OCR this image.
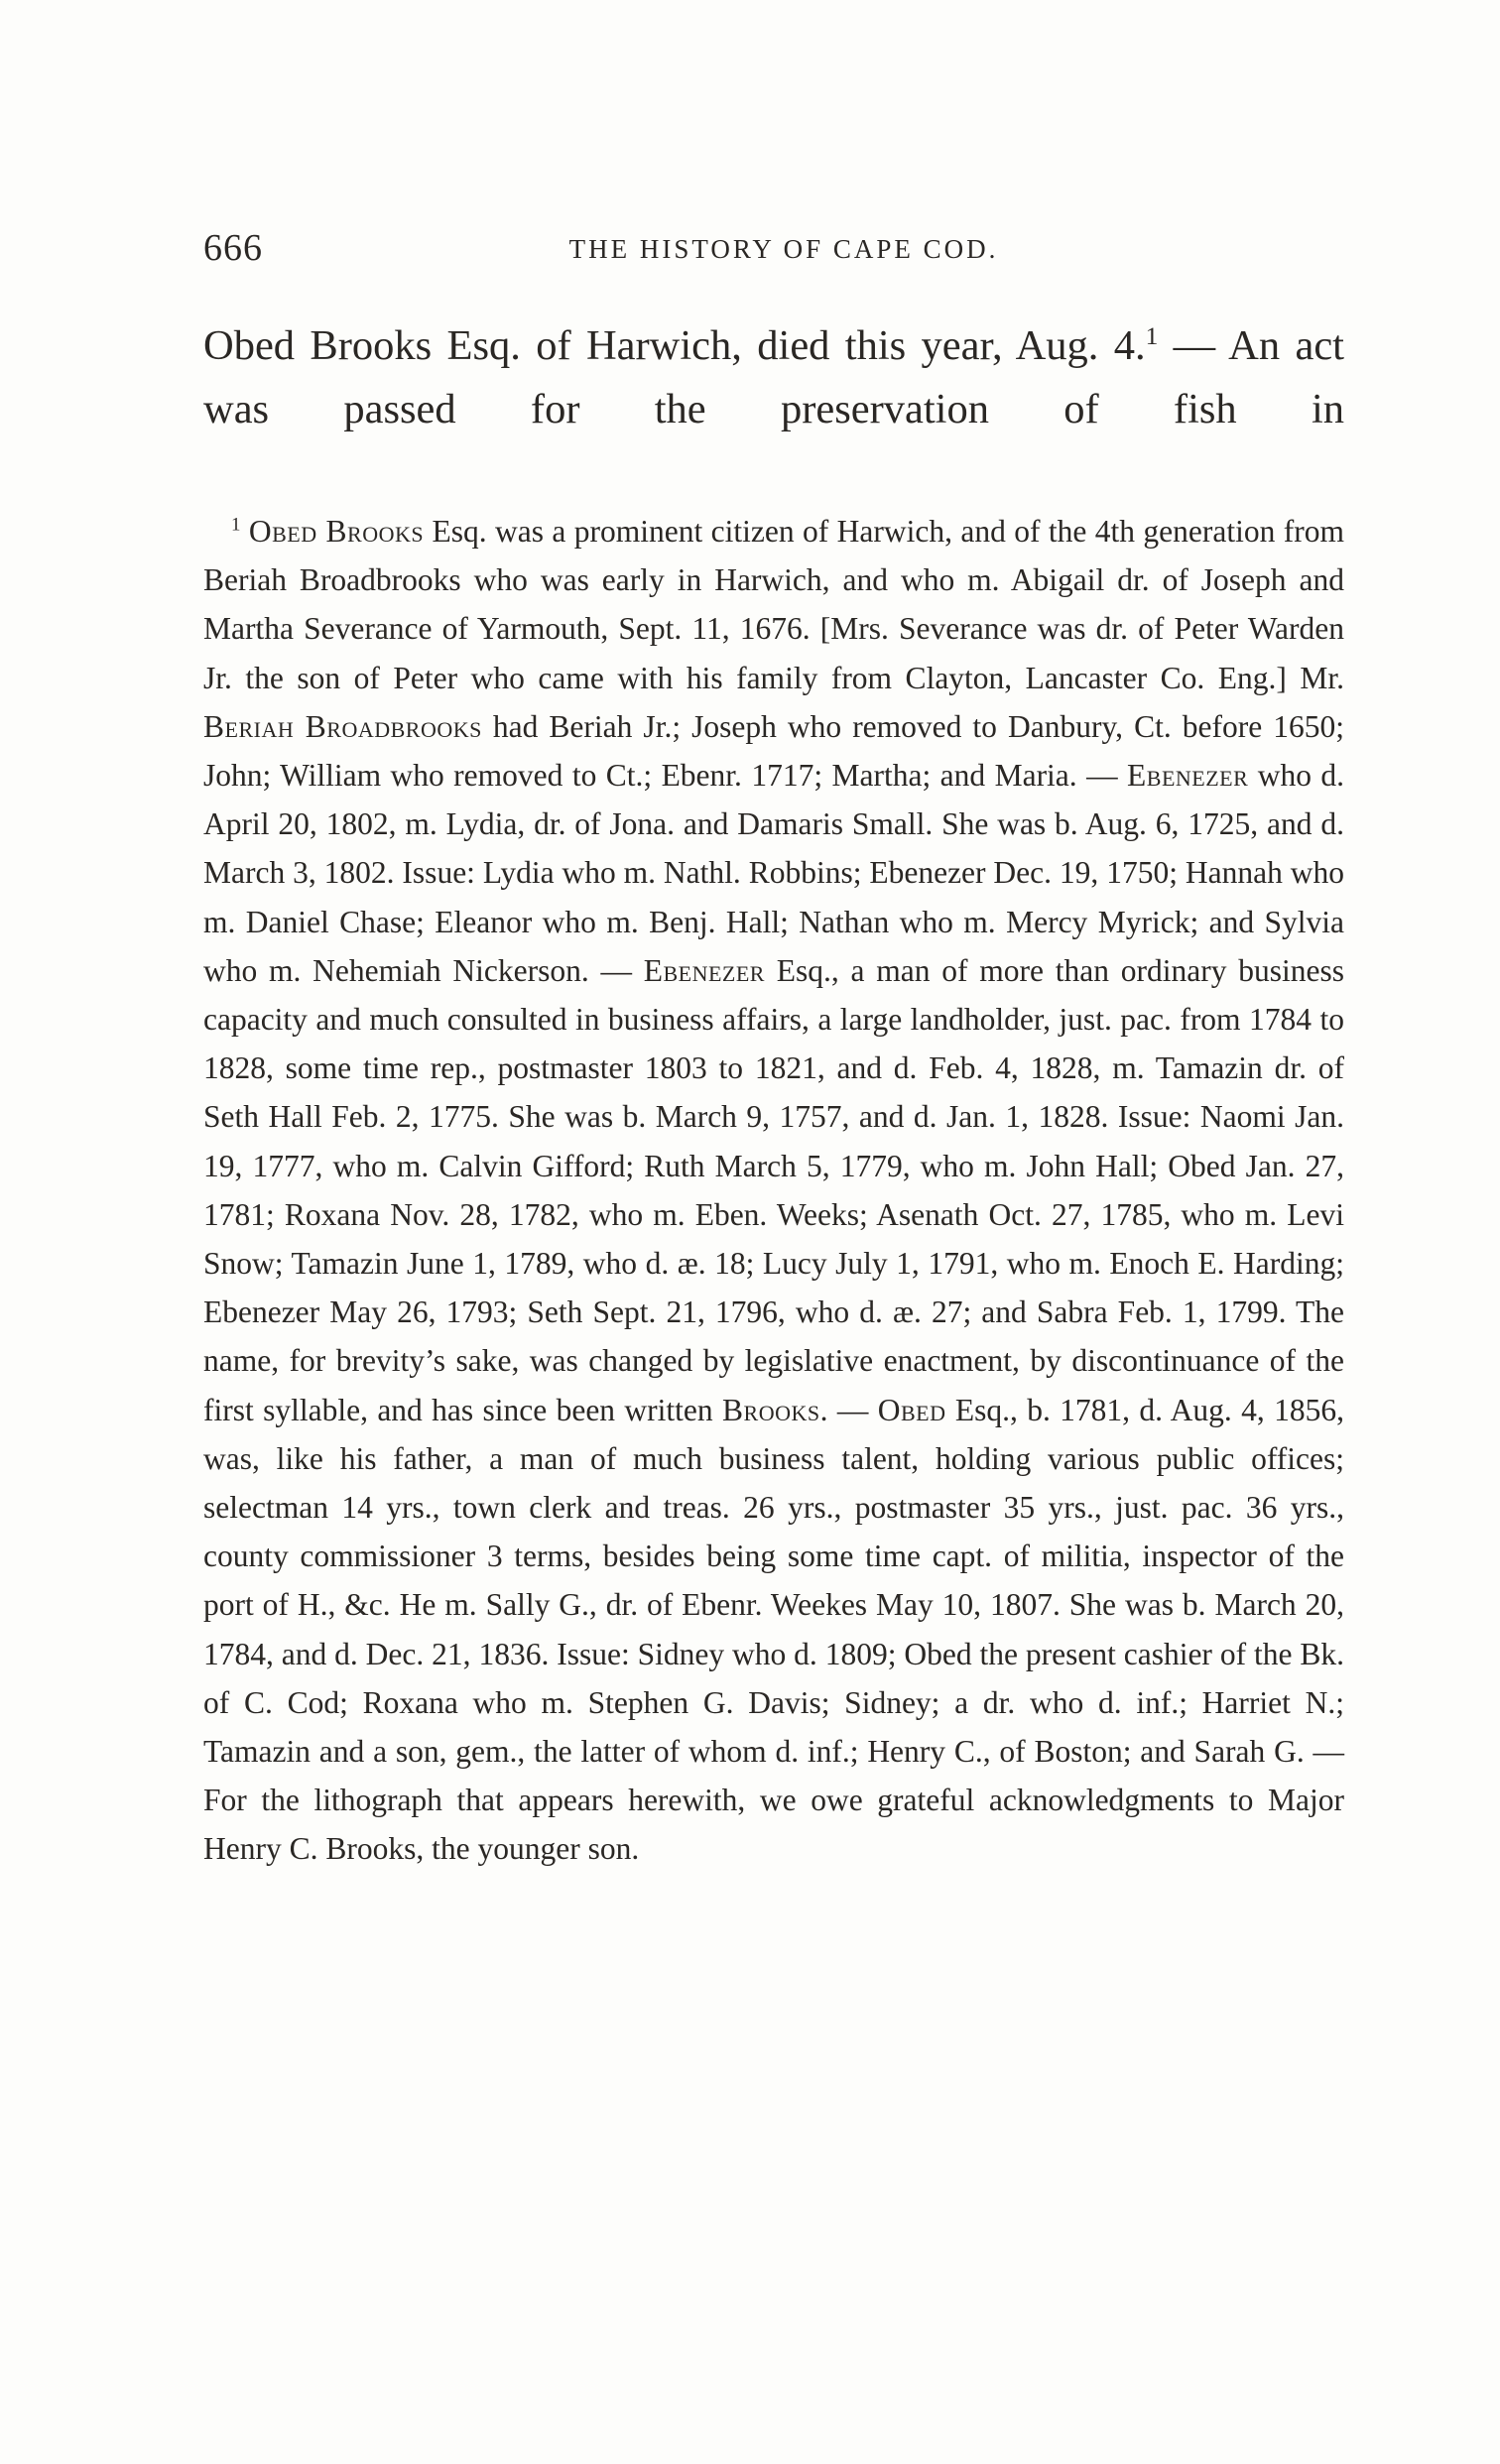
666	THE HISTORY OF CAPE COD.
Obed Brooks Esq. of Harwich, died this year, Aug. 4.$^1$ — An act was passed for the preservation of fish in

$^1$ Obed Brooks Esq. was a prominent citizen of Harwich, and of the 4th generation from Beriah Broadbrooks who was early in Harwich, and who m. Abigail dr. of Joseph and Martha Severance of Yarmouth, Sept. 11, 1676. [Mrs. Severance was dr. of Peter Warden Jr. the son of Peter who came with his family from Clayton, Lancaster Co. Eng.] Mr. Beriah Broadbrooks had Beriah Jr.; Joseph who removed to Danbury, Ct. before 1650; John; William who removed to Ct.; Ebenr. 1717; Martha; and Maria. — Ebenezer who d. April 20, 1802, m. Lydia, dr. of Jona. and Damaris Small. She was b. Aug. 6, 1725, and d. March 3, 1802. Issue: Lydia who m. Nathl. Robbins; Ebenezer Dec. 19, 1750; Hannah who m. Daniel Chase; Eleanor who m. Benj. Hall; Nathan who m. Mercy Myrick; and Sylvia who m. Nehemiah Nickerson. — Ebenezer Esq., a man of more than ordinary business capacity and much consulted in business affairs, a large landholder, just. pac. from 1784 to 1828, some time rep., postmaster 1803 to 1821, and d. Feb. 4, 1828, m. Tamazin dr. of Seth Hall Feb. 2, 1775. She was b. March 9, 1757, and d. Jan. 1, 1828. Issue: Naomi Jan. 19, 1777, who m. Calvin Gifford; Ruth March 5, 1779, who m. John Hall; Obed Jan. 27, 1781; Roxana Nov. 28, 1782, who m. Eben. Weeks; Asenath Oct. 27, 1785, who m. Levi Snow; Tamazin June 1, 1789, who d. æ. 18; Lucy July 1, 1791, who m. Enoch E. Harding; Ebenezer May 26, 1793; Seth Sept. 21, 1796, who d. æ. 27; and Sabra Feb. 1, 1799. The name, for brevity’s sake, was changed by legislative enactment, by discontinuance of the first syllable, and has since been written Brooks. — Obed Esq., b. 1781, d. Aug. 4, 1856, was, like his father, a man of much business talent, holding various public offices; selectman 14 yrs., town clerk and treas. 26 yrs., postmaster 35 yrs., just. pac. 36 yrs., county commissioner 3 terms, besides being some time capt. of militia, inspector of the port of H., &c. He m. Sally G., dr. of Ebenr. Weekes May 10, 1807. She was b. March 20, 1784, and d. Dec. 21, 1836. Issue: Sidney who d. 1809; Obed the present cashier of the Bk. of C. Cod; Roxana who m. Stephen G. Davis; Sidney; a dr. who d. inf.; Harriet N.; Tamazin and a son, gem., the latter of whom d. inf.; Henry C., of Boston; and Sarah G. — For the lithograph that appears herewith, we owe grateful acknowledgments to Major Henry C. Brooks, the younger son.
